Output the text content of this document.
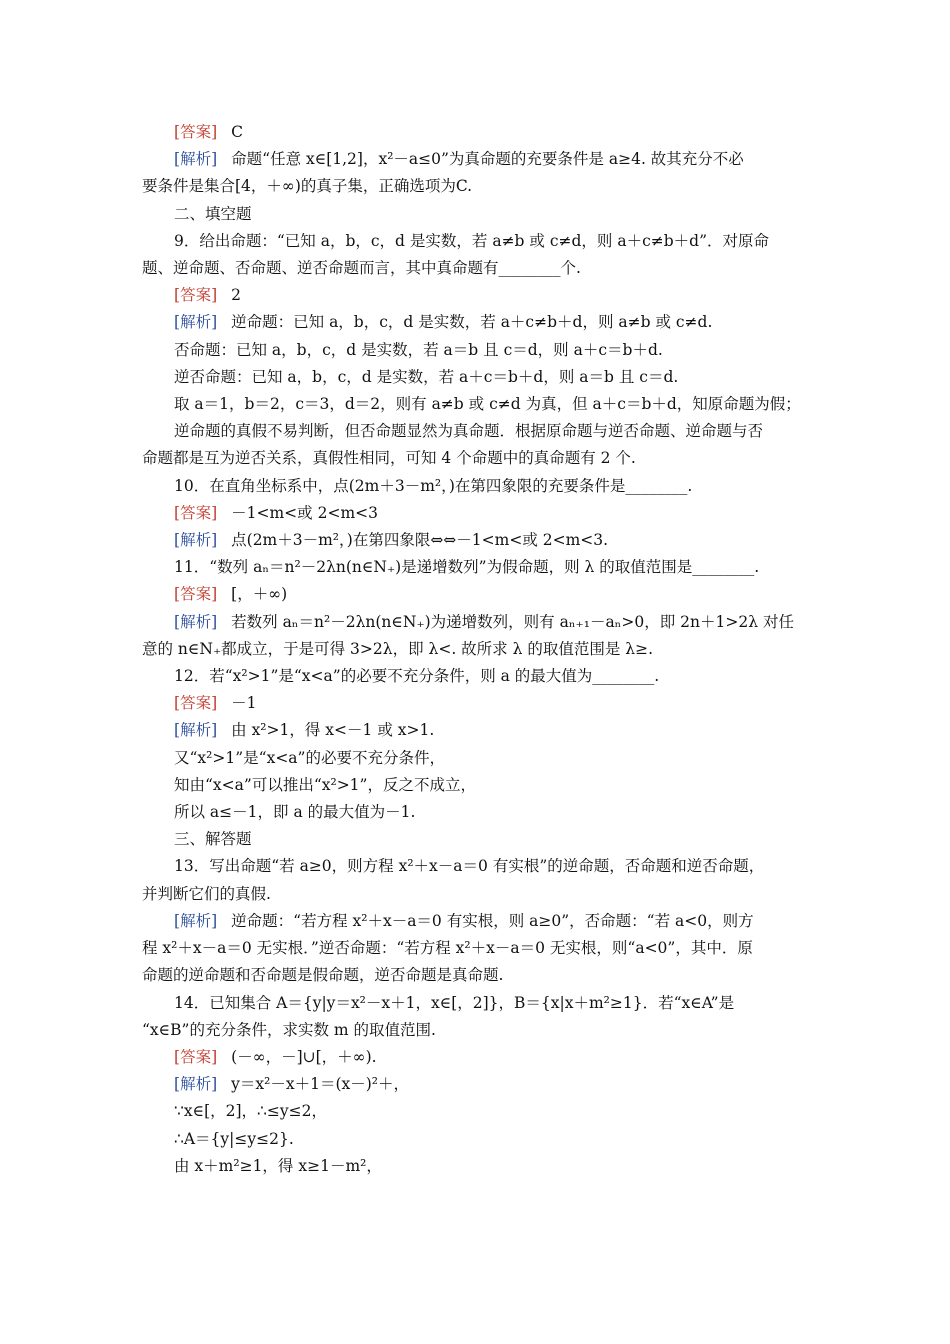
[ 答案 ] C
[ 解析 ] 命题“任意 x∈[1,2]，x²－a≤0”为真命题的充要条件是 a≥4. 故其充分不必
要条件是集合[4，＋∞)的真子集，正确选项为C.
二、填空题
9．给出命题：“已知 a，b，c，d 是实数，若 a≠b 或 c≠d，则 a＋c≠b＋d”．对原命
题、逆命题、否命题、逆否命题而言，其中真命题有________个.
[ 答案 ] 2
[ 解析 ] 逆命题：已知 a，b，c，d 是实数，若 a＋c≠b＋d，则 a≠b 或 c≠d.
否命题：已知 a，b，c，d 是实数，若 a＝b 且 c＝d，则 a＋c＝b＋d.
逆否命题：已知 a，b，c，d 是实数，若 a＋c＝b＋d，则 a＝b 且 c＝d.
取 a＝1，b＝2，c＝3，d＝2，则有 a≠b 或 c≠d 为真，但 a＋c＝b＋d，知原命题为假；
逆命题的真假不易判断，但否命题显然为真命题．根据原命题与逆否命题、逆命题与否
命题都是互为逆否关系，真假性相同，可知 4 个命题中的真命题有 2 个.
10．在直角坐标系中，点(2m＋3－m²，)在第四象限的充要条件是________.
[ 答案 ] －1<m<或 2<m<3
[ 解析 ] 点(2m＋3－m²，)在第四象限⇔⇔－1<m<或 2<m<3.
11．“数列 aₙ＝n²－2λn(n∈N₊)是递增数列”为假命题，则 λ 的取值范围是________.
[ 答案 ] [，＋∞)
[ 解析 ] 若数列 aₙ＝n²－2λn(n∈N₊)为递增数列，则有 aₙ₊₁－aₙ>0，即 2n＋1>2λ 对任
意的 n∈N₊都成立，于是可得 3>2λ，即 λ<. 故所求 λ 的取值范围是 λ≥.
12．若“x²>1”是“x<a”的必要不充分条件，则 a 的最大值为________.
[ 答案 ] －1
[ 解析 ] 由 x²>1，得 x<－1 或 x>1.
又“x²>1”是“x<a”的必要不充分条件，
知由“x<a”可以推出“x²>1”，反之不成立，
所以 a≤－1，即 a 的最大值为－1.
三、解答题
13．写出命题“若 a≥0，则方程 x²＋x－a＝0 有实根”的逆命题，否命题和逆否命题，
并判断它们的真假.
[ 解析 ] 逆命题：“若方程 x²＋x－a＝0 有实根，则 a≥0”，否命题：“若 a<0，则方
程 x²＋x－a＝0 无实根．”逆否命题：“若方程 x²＋x－a＝0 无实根，则“a<0”，其中．原
命题的逆命题和否命题是假命题，逆否命题是真命题.
14．已知集合 A＝{y|y＝x²－x＋1，x∈[，2]}，B＝{x|x＋m²≥1}．若“x∈A”是
“x∈B”的充分条件，求实数 m 的取值范围.
[ 答案 ] (－∞，－]∪[，＋∞).
[ 解析 ] y＝x²－x＋1＝(x－)²＋，
∵x∈[，2]，∴≤y≤2，
∴A＝{y|≤y≤2}.
由 x＋m²≥1，得 x≥1－m²，
